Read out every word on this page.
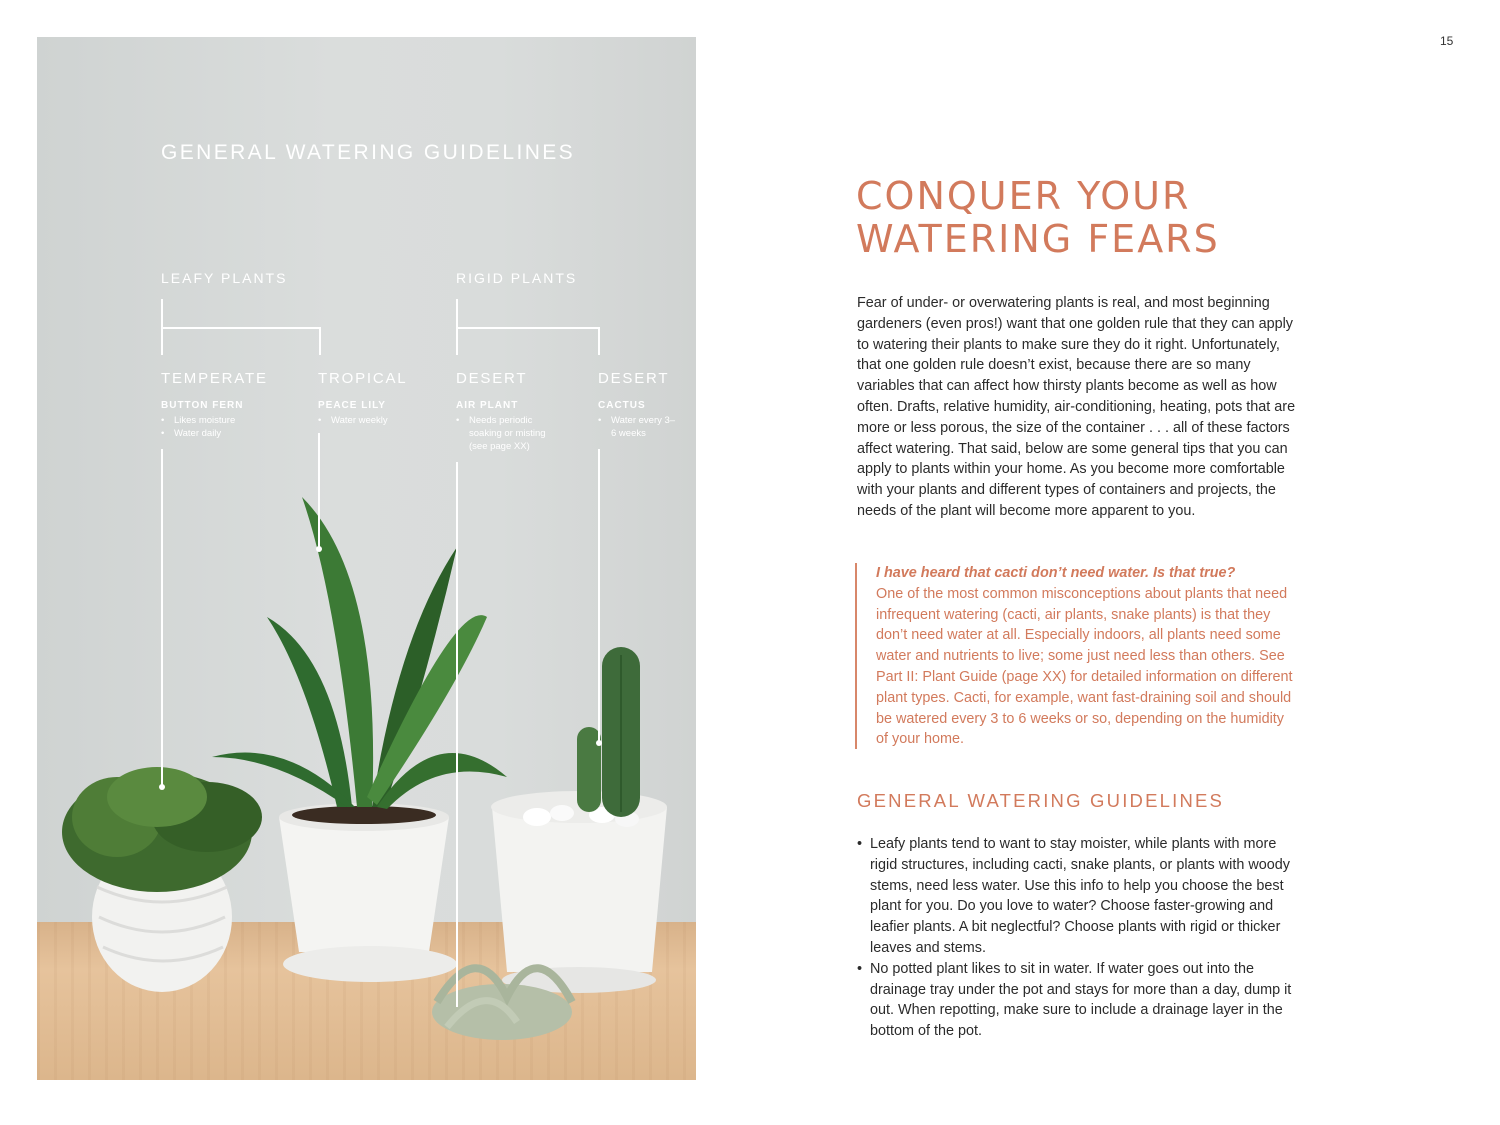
15
GENERAL WATERING GUIDELINES
LEAFY PLANTS	RIGID PLANTS
TEMPERATE	TROPICAL	DESERT	DESERT
BUTTON FERN	PEACE LILY	AIR PLANT	CACTUS
• Likes moisture
• Water daily
• Water weekly
•	Needs periodic soaking or misting (see page XX)
• Water every 3–6 weeks
CONQUER YOUR WATERING FEARS

Fear of under- or overwatering plants is real, and most beginning gardeners (even pros!) want that one golden rule that they can apply to watering their plants to make sure they do it right. Unfortunately, that one golden rule doesn’t exist, because there are so many variables that can affect how thirsty plants become as well as how often. Drafts, relative humidity, air-conditioning, heating, pots that are more or less porous, the size of the container . . . all of these factors affect watering. That said, below are some general tips that you can apply to plants within your home. As you become more comfortable with your plants and different types of containers and projects, the needs of the plant will become more apparent to you.

I have heard that cacti don’t need water. Is that true?
One of the most common misconceptions about plants that need infrequent watering (cacti, air plants, snake plants) is that they don’t need water at all. Especially indoors, all plants need some water and nutrients to live; some just need less than others. See Part II: Plant Guide (page XX) for detailed information on different plant types. Cacti, for example, want fast-draining soil and should be watered every 3 to 6 weeks or so, depending on the humidity of your home.
GENERAL WATERING GUIDELINES
• Leafy plants tend to want to stay moister, while plants with more rigid structures, including cacti, snake plants, or plants with woody stems, need less water. Use this info to help you choose the best plant for you. Do you love to water? Choose faster-growing and leafier plants. A bit neglectful? Choose plants with rigid or thicker leaves and stems.
• No potted plant likes to sit in water. If water goes out into the drainage tray under the pot and stays for more than a day, dump it out. When repotting, make sure to include a drainage layer in the bottom of the pot.
